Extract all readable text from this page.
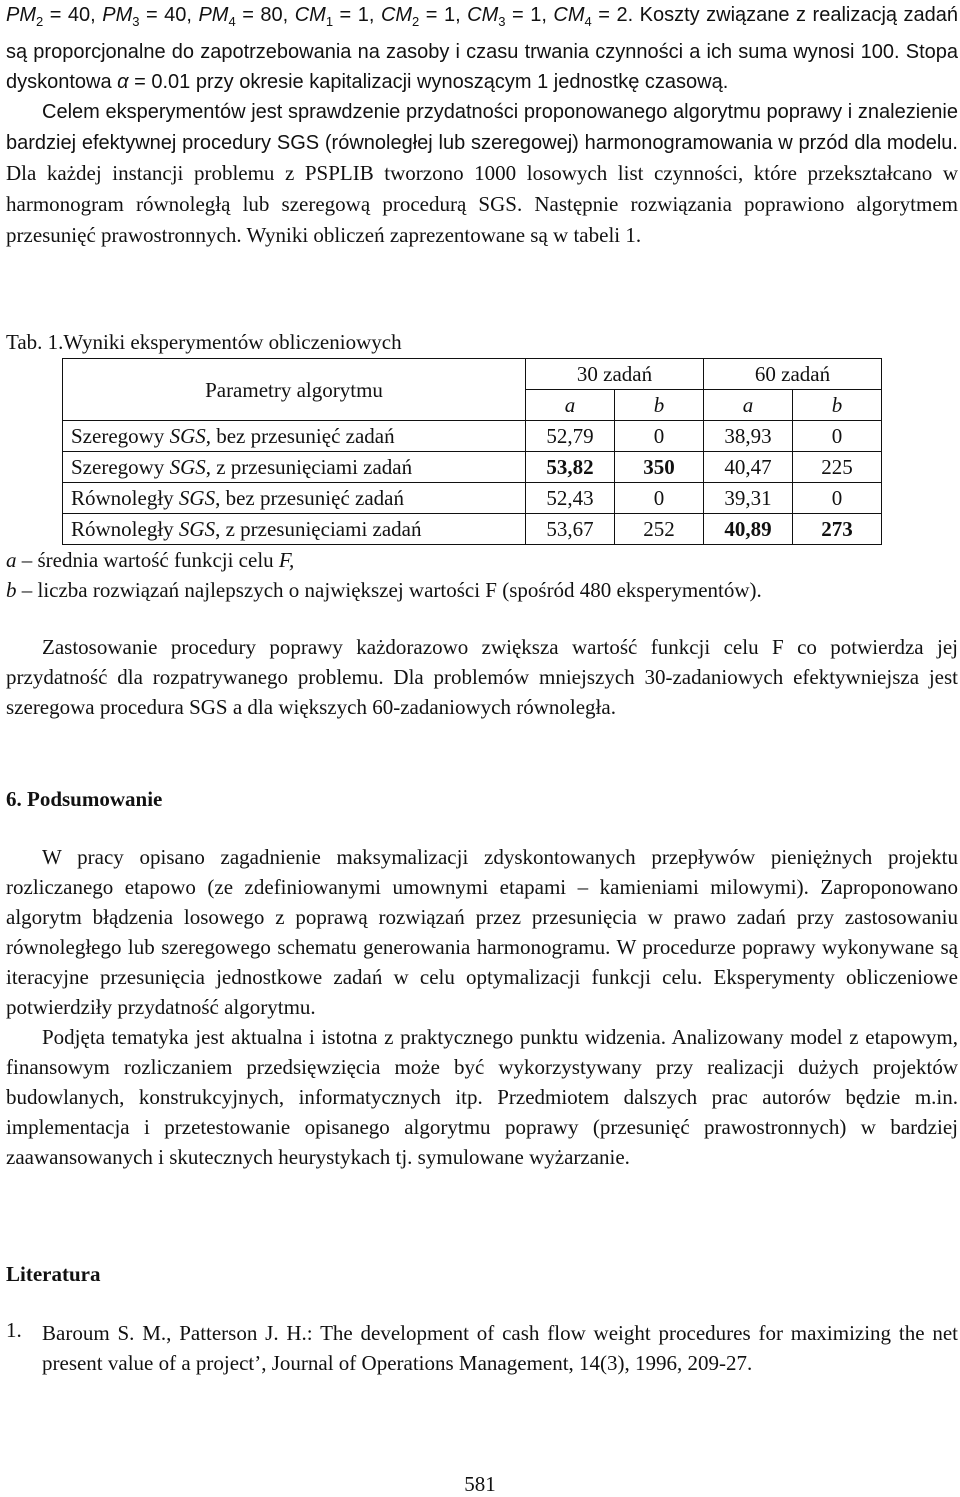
$PM_2 = 40$, $PM_3 = 40$, $PM_4 = 80$, $CM_1 = 1$, $CM_2 = 1$, $CM_3 = 1$, $CM_4 = 2$. Koszty związane z realizacją zadań są proporcjonalne do zapotrzebowania na zasoby i czasu trwania czynności a ich suma wynosi 100. Stopa dyskontowa α = 0.01 przy okresie kapitalizacji wynoszącym 1 jednostkę czasową.

Celem eksperymentów jest sprawdzenie przydatności proponowanego algorytmu poprawy i znalezienie bardziej efektywnej procedury SGS (równoległej lub szeregowej) harmonogramowania w przód dla modelu. Dla każdej instancji problemu z PSPLIB tworzono 1000 losowych list czynności, które przekształcano w harmonogram równoległą lub szeregową procedurą SGS. Następnie rozwiązania poprawiono algorytmem przesunięć prawostronnych. Wyniki obliczeń zaprezentowane są w tabeli 1.

Tab. 1.Wyniki eksperymentów obliczeniowych

Parametry algorytmu	30 zadań		60 zadań	
	a	b	a	b
Szeregowy SGS, bez przesunięć zadań	52,79	0	38,93	0
Szeregowy SGS, z przesunięciami zadań	53,82	350	40,47	225
Równoległy SGS, bez przesunięć zadań	52,43	0	39,31	0
Równoległy SGS, z przesunięciami zadań	53,67	252	40,89	273
a – średnia wartość funkcji celu F,
b – liczba rozwiązań najlepszych o największej wartości F (spośród 480 eksperymentów).

Zastosowanie procedury poprawy każdorazowo zwiększa wartość funkcji celu F co potwierdza jej przydatność dla rozpatrywanego problemu. Dla problemów mniejszych 30-zadaniowych efektywniejsza jest szeregowa procedura SGS a dla większych 60-zadaniowych równoległa.

6. Podsumowanie

W pracy opisano zagadnienie maksymalizacji zdyskontowanych przepływów pieniężnych projektu rozliczanego etapowo (ze zdefiniowanymi umownymi etapami – kamieniami milowymi). Zaproponowano algorytm błądzenia losowego z poprawą rozwiązań przez przesunięcia w prawo zadań przy zastosowaniu równoległego lub szeregowego schematu generowania harmonogramu. W procedurze poprawy wykonywane są iteracyjne przesunięcia jednostkowe zadań w celu optymalizacji funkcji celu. Eksperymenty obliczeniowe potwierdziły przydatność algorytmu.

Podjęta tematyka jest aktualna i istotna z praktycznego punktu widzenia. Analizowany model z etapowym, finansowym rozliczaniem przedsięwzięcia może być wykorzystywany przy realizacji dużych projektów budowlanych, konstrukcyjnych, informatycznych itp. Przedmiotem dalszych prac autorów będzie m.in. implementacja i przetestowanie opisanego algorytmu poprawy (przesunięć prawostronnych) w bardziej zaawansowanych i skutecznych heurystykach tj. symulowane wyżarzanie.

Literatura

1. Baroum S. M., Patterson J. H.: The development of cash flow weight procedures for maximizing the net present value of a project’, Journal of Operations Management, 14(3), 1996, 209-27.
581
